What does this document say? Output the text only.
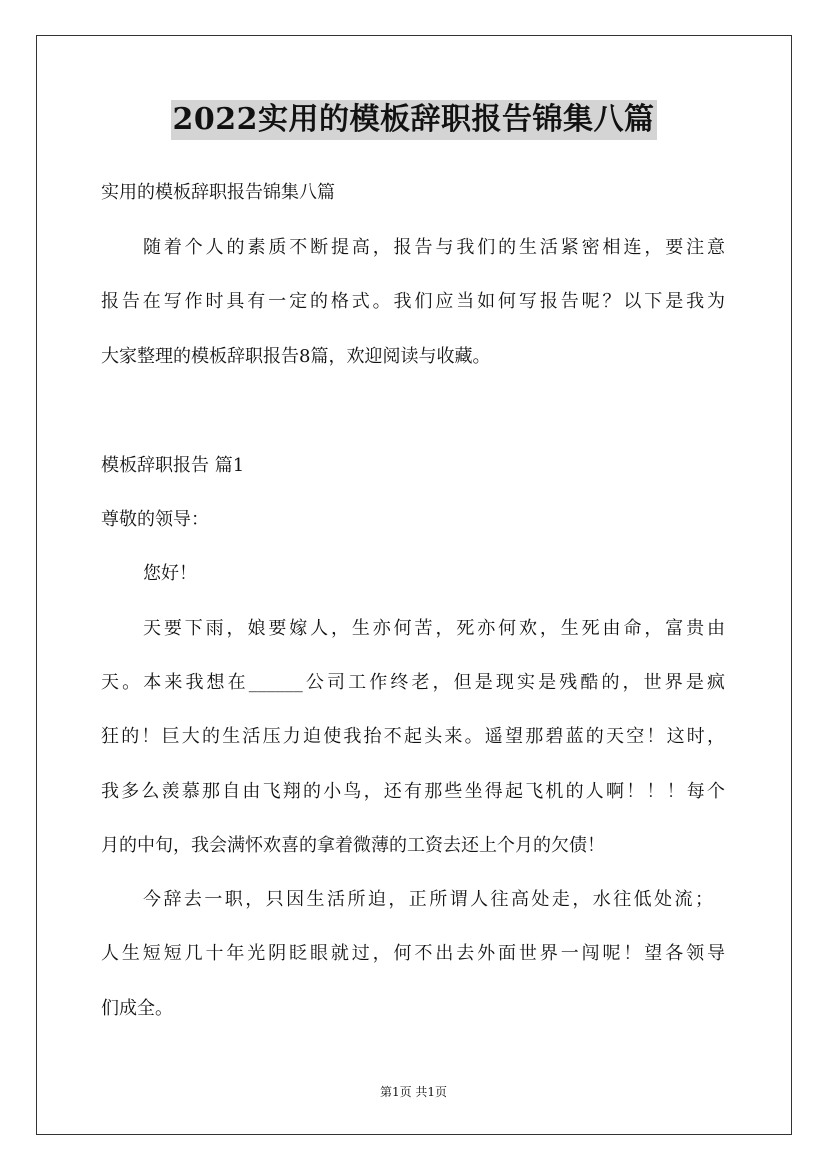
2022实用的模板辞职报告锦集八篇
实用的模板辞职报告锦集八篇
随着个人的素质不断提高，报告与我们的生活紧密相连，要注意
报告在写作时具有一定的格式。我们应当如何写报告呢？以下是我为
大家整理的模板辞职报告8篇，欢迎阅读与收藏。
模板辞职报告 篇1
尊敬的领导：
您好！
天要下雨，娘要嫁人，生亦何苦，死亦何欢，生死由命，富贵由
天。本来我想在______公司工作终老，但是现实是残酷的，世界是疯
狂的！巨大的生活压力迫使我抬不起头来。遥望那碧蓝的天空！这时，
我多么羡慕那自由飞翔的小鸟，还有那些坐得起飞机的人啊！！！每个
月的中旬，我会满怀欢喜的拿着微薄的工资去还上个月的欠债！
今辞去一职，只因生活所迫，正所谓人往高处走，水往低处流；
人生短短几十年光阴眨眼就过，何不出去外面世界一闯呢！望各领导
们成全。
第1页 共1页
